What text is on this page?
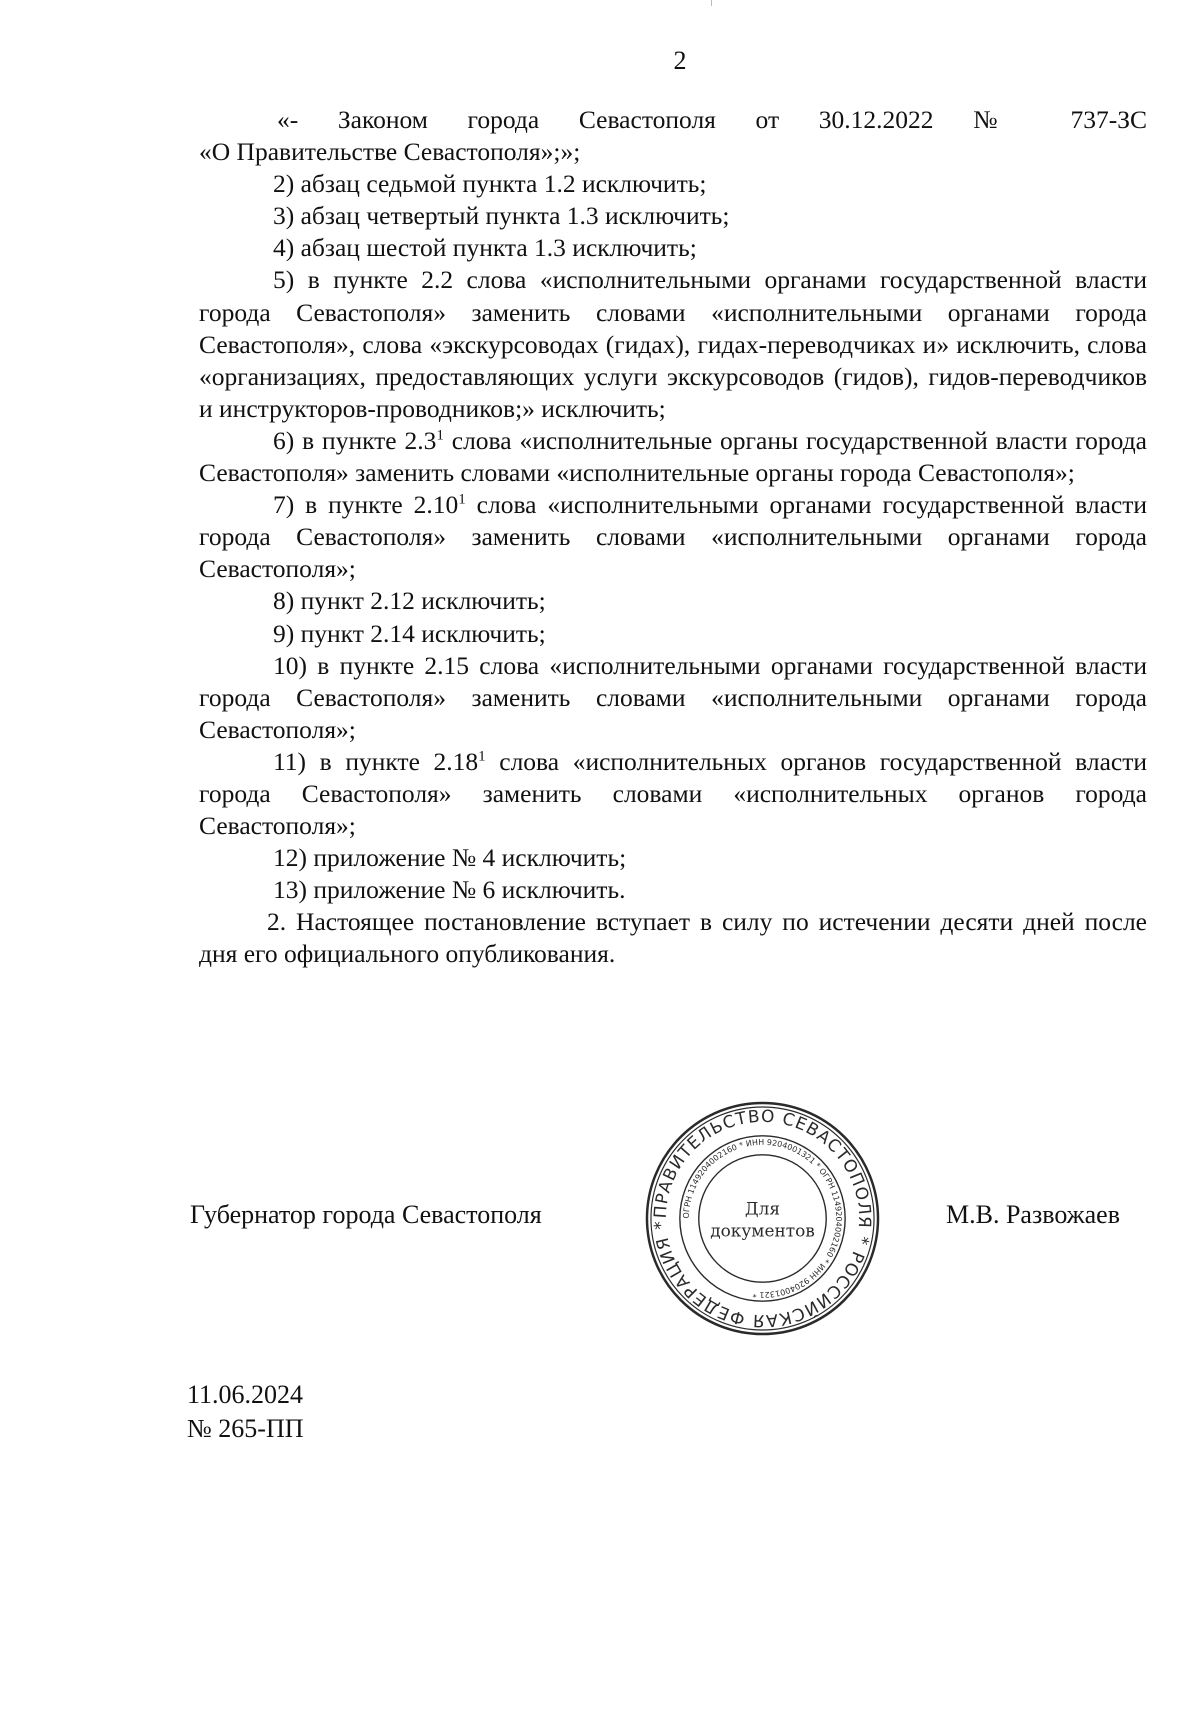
2

«- Законом города Севастополя от 30.12.2022 № 737-ЗС

«О Правительстве Севастополя»;»;

2) абзац седьмой пункта 1.2 исключить;

3) абзац четвертый пункта 1.3 исключить;

4) абзац шестой пункта 1.3 исключить;

5) в пункте 2.2 слова «исполнительными органами государственной власти города Севастополя» заменить словами «исполнительными органами города Севастополя», слова «экскурсоводах (гидах), гидах-переводчиках и» исключить, слова «организациях, предоставляющих услуги экскурсоводов (гидов), гидов-переводчиков и инструкторов-проводников;» исключить;

6) в пункте $2.3^1$ слова «исполнительные органы государственной власти города Севастополя» заменить словами «исполнительные органы города Севастополя»;

7) в пункте 2.10$^1$ слова «исполнительными органами государственной власти города Севастополя» заменить словами «исполнительными органами города Севастополя»;

8) пункт 2.12 исключить;

9) пункт 2.14 исключить;

10) в пункте 2.15 слова «исполнительными органами государственной власти города Севастополя» заменить словами «исполнительными органами города Севастополя»;

11) в пункте 2.18$^1$ слова «исполнительных органов государственной власти города Севастополя» заменить словами «исполнительных органов города Севастополя»;

12) приложение № 4 исключить;

13) приложение № 6 исключить.

2. Настоящее постановление вступает в силу по истечении десяти дней после дня его официального опубликования.

Губернатор города Севастополя	ПРАВИТЕЛЬСТВО СЕВАСТОПОЛЯ * РОССИЙСКАЯ ФЕДЕРАЦИЯ *
ОГРН 1149204002160 * ИНН 9204001321 * ОГРН 1149204002160 * ИНН 9204001321 *
Для
документов
М.В. Развожаев
11.06.2024
№ 265-ПП
